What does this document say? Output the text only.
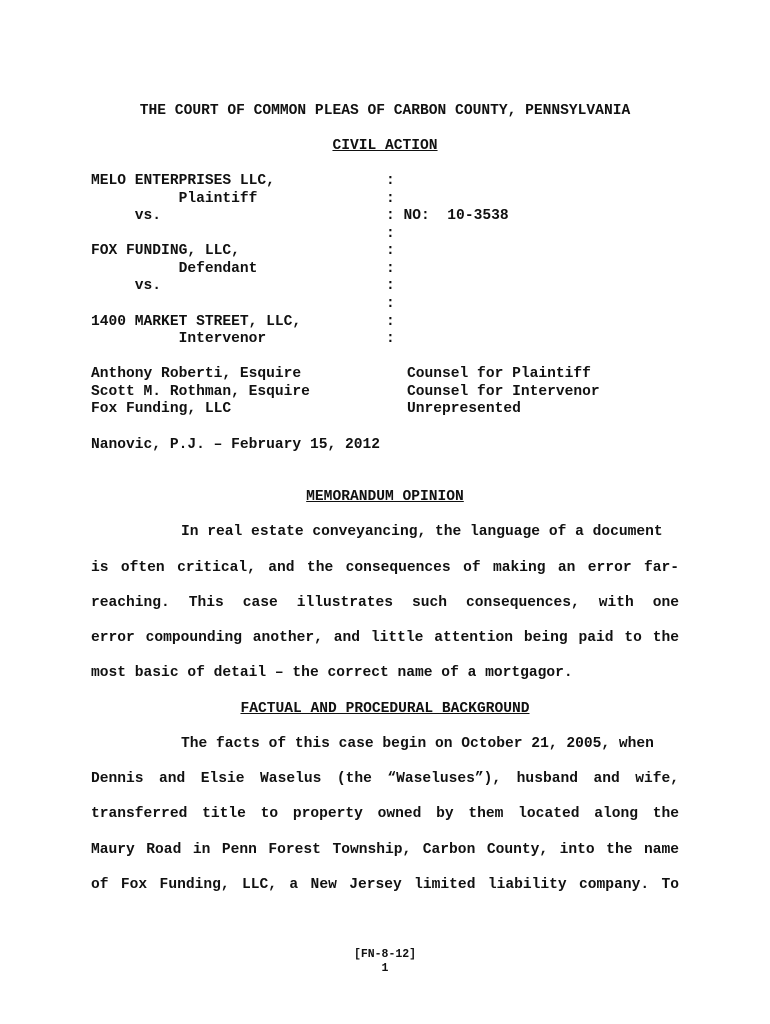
THE COURT OF COMMON PLEAS OF CARBON COUNTY, PENNSYLVANIA
CIVIL ACTION
MELO ENTERPRISES LLC,	:
Plaintiff	:
vs.	: NO:  10-3538
:
FOX FUNDING, LLC,	:
Defendant	:
vs.	:
:
1400 MARKET STREET, LLC,	:
Intervenor	:
Anthony Roberti, Esquire	Counsel for Plaintiff
Scott M. Rothman, Esquire	Counsel for Intervenor
Fox Funding, LLC	Unrepresented
Nanovic, P.J. – February 15, 2012
MEMORANDUM OPINION
In real estate conveyancing, the language of a document
is often critical, and the consequences of making an error far-
reaching. This case illustrates such consequences, with one
error compounding another, and little attention being paid to the
most basic of detail – the correct name of a mortgagor.
FACTUAL AND PROCEDURAL BACKGROUND
The facts of this case begin on October 21, 2005, when
Dennis and Elsie Waselus (the “Waseluses”), husband and wife,
transferred title to property owned by them located along the
Maury Road in Penn Forest Township, Carbon County, into the name
of Fox Funding, LLC, a New Jersey limited liability company. To
[FN-8-12]
1
